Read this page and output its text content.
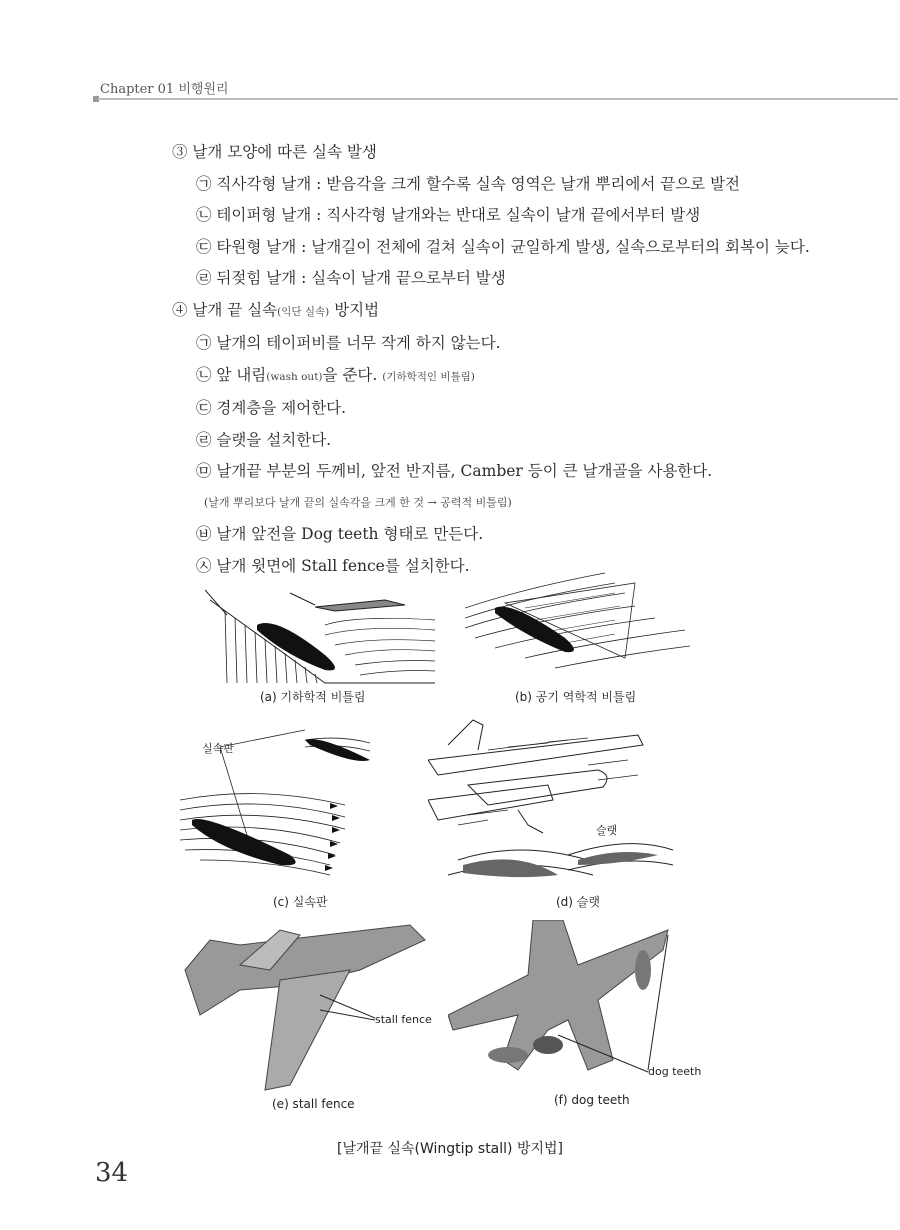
Chapter 01 비행원리
③ 날개 모양에 따른 실속 발생
㉠ 직사각형 날개 : 받음각을 크게 할수록 실속 영역은 날개 뿌리에서 끝으로 발전
㉡ 테이퍼형 날개 : 직사각형 날개와는 반대로 실속이 날개 끝에서부터 발생
㉢ 타원형 날개 : 날개길이 전체에 걸쳐 실속이 균일하게 발생, 실속으로부터의 회복이 늦다.
㉣ 뒤젖힘 날개 : 실속이 날개 끝으로부터 발생
④ 날개 끝 실속(익단 실속) 방지법
㉠ 날개의 테이퍼비를 너무 작게 하지 않는다.
㉡ 앞 내림(wash out)을 준다. (기하학적인 비틀림)
㉢ 경계층을 제어한다.
㉣ 슬랫을 설치한다.
㉤ 날개끝 부분의 두께비, 앞전 반지름, Camber 등이 큰 날개골을 사용한다.
(날개 뿌리보다 날개 끝의 실속각을 크게 한 것 → 공력적 비틀림)
㉥ 날개 앞전을 Dog teeth 형태로 만든다.
㉦ 날개 윗면에 Stall fence를 설치한다.
(a) 기하학적 비틀림	(b) 공기 역학적 비틀림
실속판
(c) 실속판
슬랫
(d) 슬랫
stall fence
(e) stall fence
dog teeth
(f) dog teeth
[날개끝 실속(Wingtip stall) 방지법]
34
